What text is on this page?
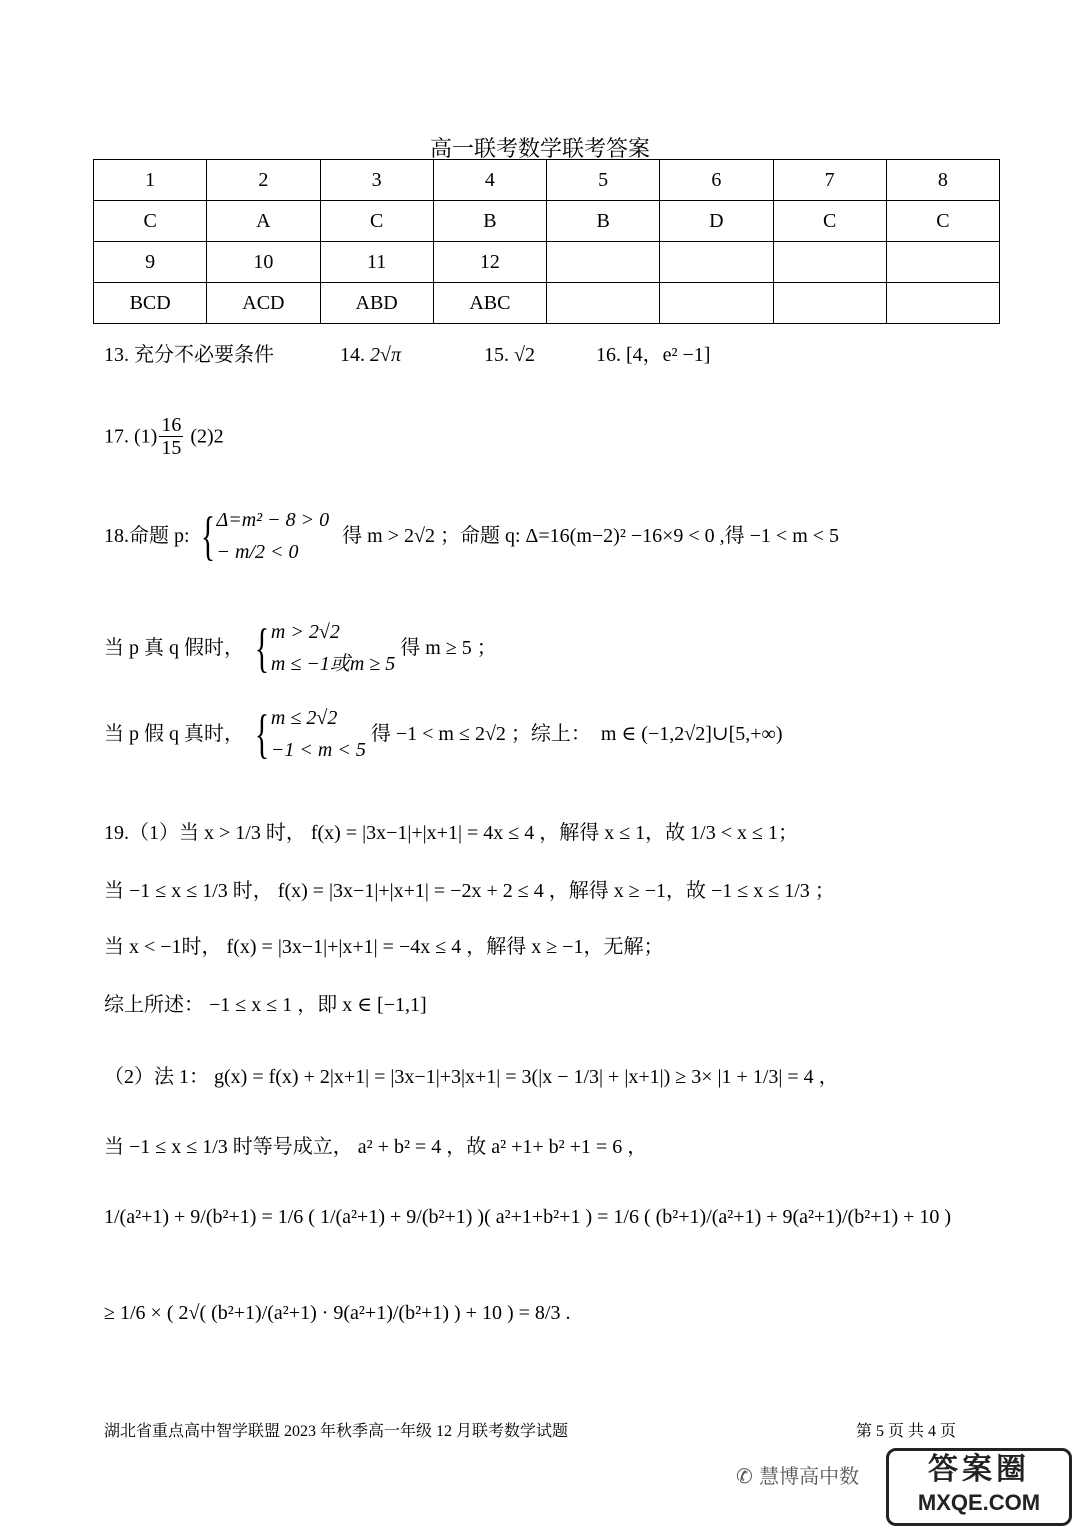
高一联考数学联考答案
1	2	3	4	5	6	7	8
C	A	C	B	B	D	C	C
9	10	11	12				
BCD	ACD	ABD	ABC				
13. 充分不必要条件	14. 2√π	15. √2	16. [4，e² −1]
17. $(1) \frac{16}{15} (2)2$
18.命题 p: { Δ=m² − 8 > 0
− m/2 < 0
得 m > 2√2 ；命题 q: Δ=16(m−2)² −16×9 < 0 ,得 −1 < m < 5
当 p 真 q 假时， { m > 2√2
m ≤ −1或m ≥ 5
得 m ≥ 5 ；
当 p 假 q 真时， { m ≤ 2√2
−1 < m < 5
得 −1 < m ≤ 2√2 ；综上：　m ∈ (−1,2√2]∪[5,+∞)
19.（1）当 x > 1/3 时， f(x) = |3x−1|+|x+1| = 4x ≤ 4 ，解得 x ≤ 1，故 1/3 < x ≤ 1；
当 −1 ≤ x ≤ 1/3 时， f(x) = |3x−1|+|x+1| = −2x + 2 ≤ 4 ，解得 x ≥ −1，故 −1 ≤ x ≤ 1/3 ；
当 x < −1时， f(x) = |3x−1|+|x+1| = −4x ≤ 4 ，解得 x ≥ −1，无解；
综上所述： −1 ≤ x ≤ 1 ，即 x ∈ [−1,1]
（2）法 1： g(x) = f(x) + 2|x+1| = |3x−1|+3|x+1| = 3(|x − 1/3| + |x+1|) ≥ 3× |1 + 1/3| = 4 ，
当 −1 ≤ x ≤ 1/3 时等号成立， a² + b² = 4 ，故 a² +1+ b² +1 = 6 ，
1/(a²+1) + 9/(b²+1) = 1/6 ( 1/(a²+1) + 9/(b²+1) )( a²+1+b²+1 ) = 1/6 ( (b²+1)/(a²+1) + 9(a²+1)/(b²+1) + 10 )
≥ 1/6 × ( 2√( (b²+1)/(a²+1) · 9(a²+1)/(b²+1) ) + 10 ) = 8/3 .
湖北省重点高中智学联盟 2023 年秋季高一年级 12 月联考数学试题	第 5 页 共 4 页
✆ 慧博高中数	答案圈
MXQE.COM
